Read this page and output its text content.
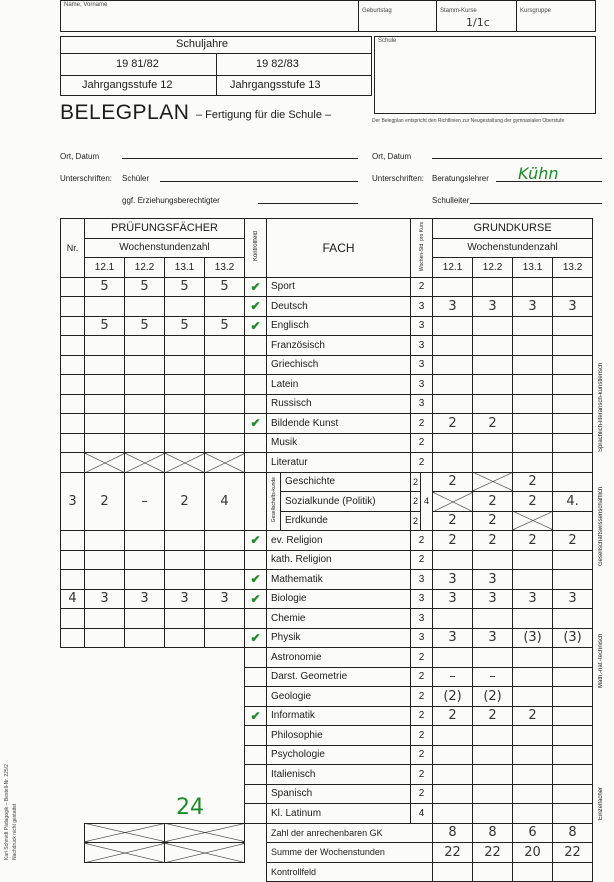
Name, Vorname
Geburtstag	Stamm-Kurse
1/1c
Kursgruppe
Schuljahre
19 81/82	19 82/83
Jahrgangsstufe 12	Jahrgangsstufe 13
Schule
Der Belegplan entspricht den Richtlinien zur Neugestaltung der gymnasialen Oberstufe
BELEGPLAN – Fertigung für die Schule –
Ort, Datum	Ort, Datum
Unterschriften: Schüler	Unterschriften: Beratungslehrer Kühn
ggf. Erziehungsberechtigter	Schulleiter
Nr.	PRÜFUNGSFÄCHER				Kontrollfeld	FACH		Wochen-Std. pro Kurs		GRUNDKURSE				
	Wochenstundenzahl									Wochenstundenzahl				
	12.1	12.2	13.1	13.2						12.1	12.2	13.1	13.2	
	5	5	5	5	✔	Sport		2						
					✔	Deutsch		3		3	3	3	3	
	5	5	5	5	✔	Englisch		3						
						Französisch		3						
						Griechisch		3						
						Latein		3						
						Russisch		3						
					✔	Bildende Kunst		2		2	2			
						Musik		2						
						Literatur		2						
3	2	–	2	4		Gesellschafts-kunde	Geschichte	2	4	2		2		
							Sozialkunde (Politik)	2			2	2	4.	
							Erdkunde	2		2	2			
					✔	ev. Religion		2		2	2	2	2	
						kath. Religion		2						
					✔	Mathematik		3		3	3			
4	3	3	3	3	✔	Biologie		3		3	3	3	3	
						Chemie		3						
					✔	Physik		3		3	3	(3)	(3)	
						Astronomie		2						
						Darst. Geometrie		2		–	–			
						Geologie		2		(2)	(2)			
					✔	Informatik		2		2	2	2		
						Philosophie		2						
						Psychologie		2						
						Italienisch		2						
						Spanisch		2						
						Kl. Latinum		4						
						Zahl der anrechenbaren GK				8	8	6	8	
						Summe der Wochenstunden				22	22	20	22	
						Kontrollfeld								
Sprachlich-literarisch-künstlerisch
Gesellschaftswissenschaftlich
Math.-nat.-technisch
Einzelfächer
24
Karl Schmidt Pädagogik – Bestell-Nr. 225/2 Nachdruck nicht gestattet
